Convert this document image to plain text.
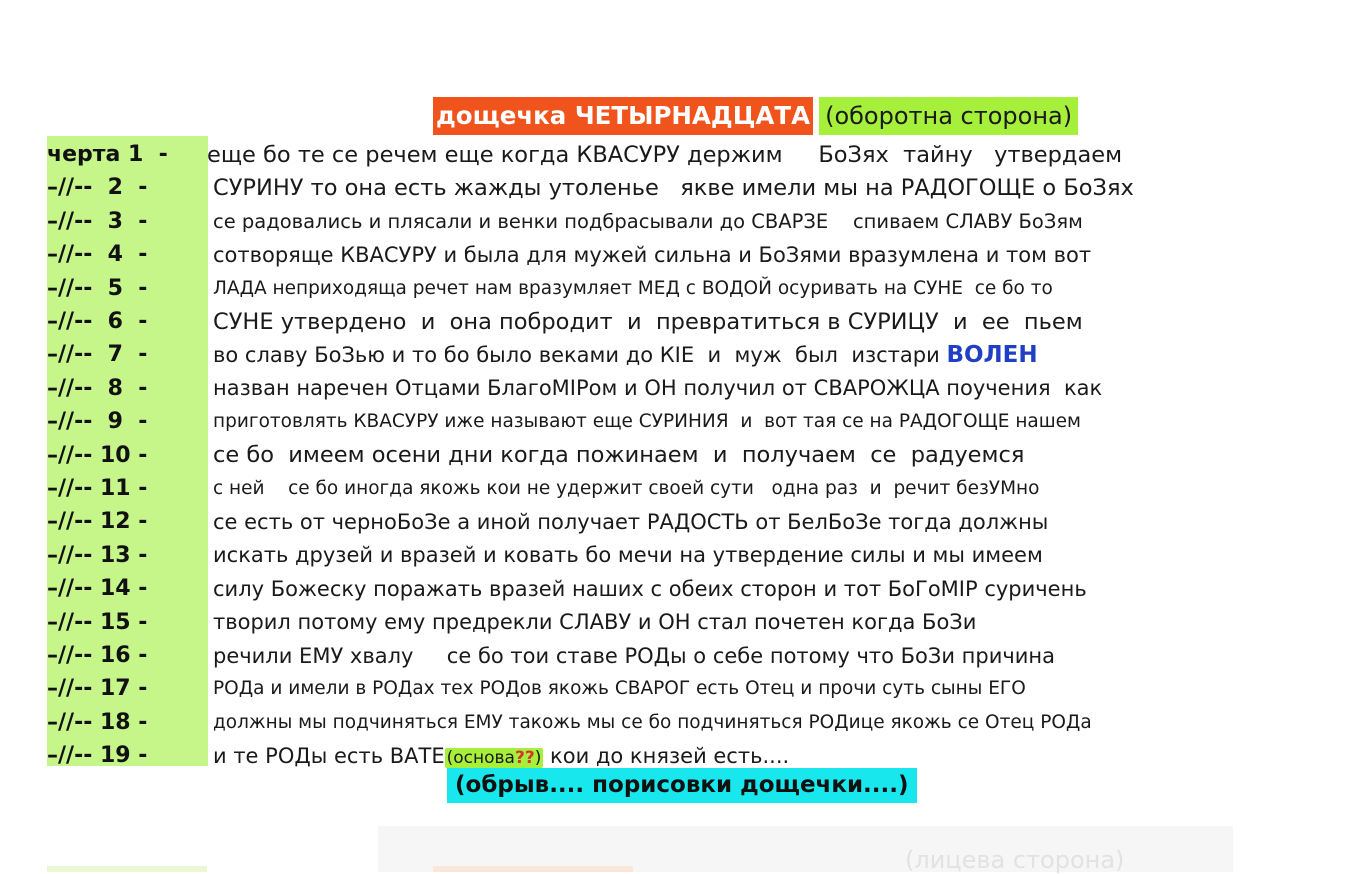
дощечка ЧЕТЫРНАДЦАТА (оборотна сторона)
черта 1  -	еще бо те се речем еще когда КВАСУРУ держим     БоЗях  тайну   утвердаем
–//--  2  -	СУРИНУ то она есть жажды утоленье   якве имели мы на РАДОГОЩЕ о БоЗях
–//--  3  -	се радовались и плясали и венки подбрасывали до СВАРЗЕ    спиваем СЛАВУ БоЗям
–//--  4  -	сотворяще КВАСУРУ и была для мужей сильна и БоЗями вразумлена и том вот
–//--  5  -	ЛАДА неприходяща речет нам вразумляет МЕД с ВОДОЙ осуривать на СУНЕ  се бо то
–//--  6  -	СУНЕ утвердено  и  она побродит  и  превратиться в СУРИЦУ  и  ее  пьем
–//--  7  -	во славу БоЗью и то бо было веками до КІЕ  и  муж  был  изстари ВОЛЕН
–//--  8  -	назван наречен Отцами БлагоМІРом и ОН получил от СВАРОЖЦА поучения  как
–//--  9  -	приготовлять КВАСУРУ иже называют еще СУРИНИЯ  и  вот тая се на РАДОГОЩЕ нашем
–//-- 10 -	се бо  имеем осени дни когда пожинаем  и  получаем  се  радуемся
–//-- 11 -	с ней    се бо иногда якожь кои не удержит своей сути   одна раз  и  речит безУМно
–//-- 12 -	се есть от черноБоЗе а иной получает РАДОСТЬ от БелБоЗе тогда должны
–//-- 13 -	искать друзей и вразей и ковать бо мечи на утвердение силы и мы имеем
–//-- 14 -	силу Божеску поражать вразей наших с обеих сторон и тот БоГоМІР суричень
–//-- 15 -	творил потому ему предрекли СЛАВУ и ОН стал почетен когда БоЗи
–//-- 16 -	речили ЕМУ хвалу     се бо тои ставе РОДы о себе потому что БоЗи причина
–//-- 17 -	РОДа и имели в РОДах тех РОДов якожь СВАРОГ есть Отец и прочи суть сыны ЕГО
–//-- 18 -	должны мы подчиняться ЕМУ такожь мы се бо подчиняться РОДице якожь се Отец РОДа
–//-- 19 -	и те РОДы есть ВАТЕ (основа??) кои до князей есть....
(обрыв.... порисовки дощечки....)
(лицева сторона)
